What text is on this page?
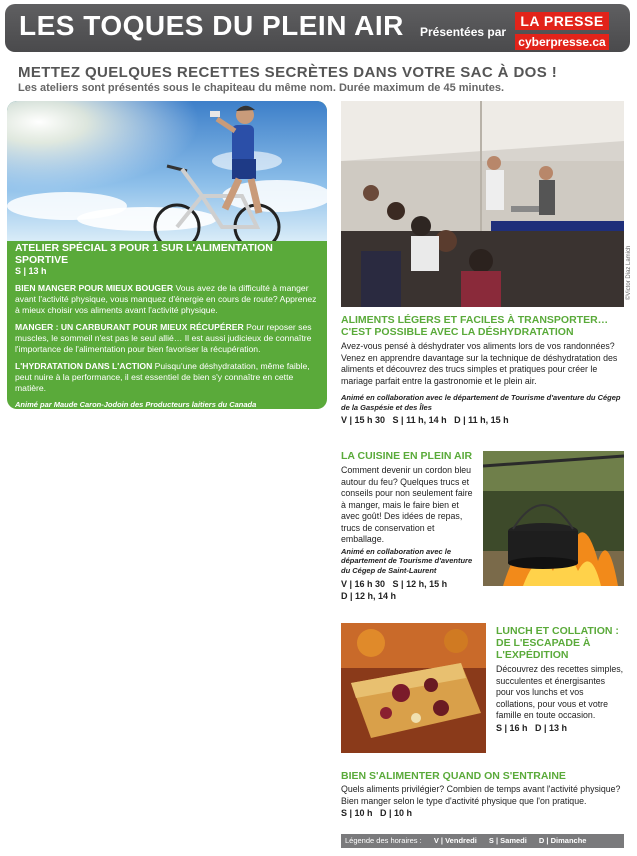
LES TOQUES DU PLEIN AIR Présentées par
LA PRESSE
cyberpresse.ca
METTEZ QUELQUES RECETTES SECRÈTES DANS VOTRE SAC À DOS !
Les ateliers sont présentés sous le chapiteau du même nom. Durée maximum de 45 minutes.
ATELIER SPÉCIAL 3 POUR 1 SUR L'ALIMENTATION SPORTIVE
S | 13 h
BIEN MANGER POUR MIEUX BOUGER Vous avez de la difficulté à manger avant l'activité physique, vous manquez d'énergie en cours de route? Apprenez à mieux choisir vos aliments avant l'activité physique.
MANGER : UN CARBURANT POUR MIEUX RÉCUPÉRER Pour reposer ses muscles, le sommeil n'est pas le seul allié… Il est aussi judicieux de connaître l'importance de l'alimentation pour bien favoriser la récupération.
L'HYDRATATION DANS L'ACTION Puisqu'une déshydratation, même faible, peut nuire à la performance, il est essentiel de bien s'y connaître en cette matière.
Animé par Maude Caron-Jodoin des Producteurs laitiers du Canada
©Victor Diaz Lamich
ALIMENTS LÉGERS ET FACILES À TRANSPORTER…
C'EST POSSIBLE AVEC LA DÉSHYDRATATION
Avez-vous pensé à déshydrater vos aliments lors de vos randonnées? Venez en apprendre davantage sur la technique de déshydratation des aliments et découvrez des trucs simples et pratiques pour créer le mariage parfait entre la gastronomie et le plein air.
Animé en collaboration avec le département de Tourisme d'aventure du Cégep de la Gaspésie et des Îles
V | 15 h 30   S | 11 h, 14 h   D | 11 h, 15 h
LA CUISINE EN PLEIN AIR
Comment devenir un cordon bleu autour du feu? Quelques trucs et conseils pour non seulement faire à manger, mais le faire bien et avec goût! Des idées de repas, trucs de conservation et emballage.
Animé en collaboration avec le département de Tourisme d'aventure du Cégep de Saint-Laurent
V | 16 h 30   S | 12 h, 15 h
D | 12 h, 14 h
LUNCH ET COLLATION :
DE L'ESCAPADE À
L'EXPÉDITION
Découvrez des recettes simples, succulentes et énergisantes pour vos lunchs et vos collations, pour vous et votre famille en toute occasion.
S | 16 h   D | 13 h
BIEN S'ALIMENTER QUAND ON S'ENTRAINE
Quels aliments privilégier? Combien de temps avant l'activité physique? Bien manger selon le type d'activité physique que l'on pratique.
S | 10 h   D | 10 h
Légende des horaires : V | Vendredi S | Samedi D | Dimanche
